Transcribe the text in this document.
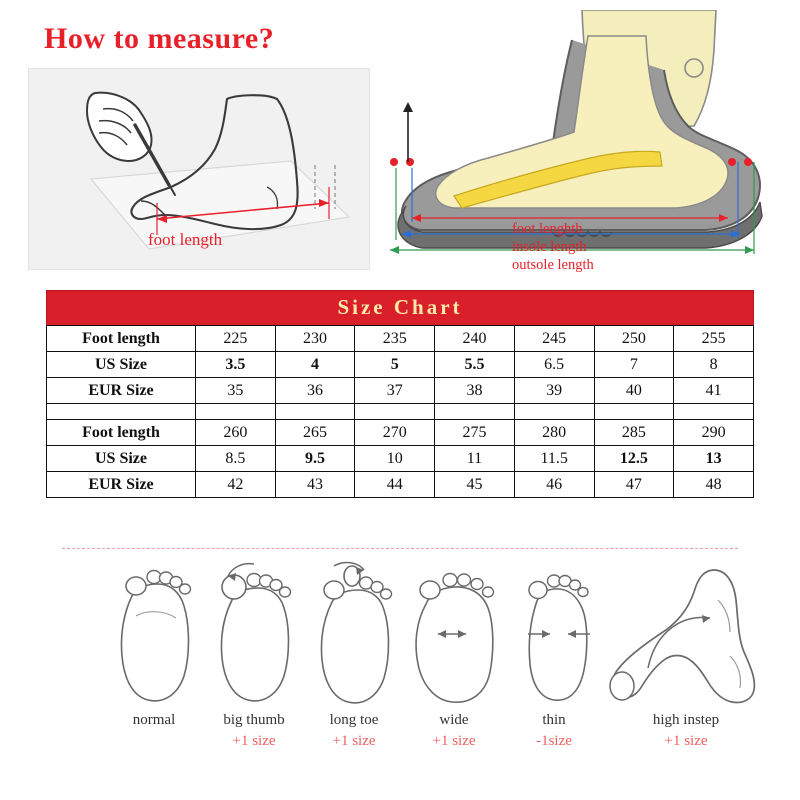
How to measure?
foot length
foot lenghth
insole length
outsole length
Size Chart
Foot length	225	230	235	240	245	250	255
US Size	3.5	4	5	5.5	6.5	7	8
EUR Size	35	36	37	38	39	40	41

Foot length	260	265	270	275	280	285	290
US Size	8.5	9.5	10	11	11.5	12.5	13
EUR Size	42	43	44	45	46	47	48
normal	big thumb
+1 size
long toe
+1 size
wide
+1 size
thin
-1size
high instep
+1 size
